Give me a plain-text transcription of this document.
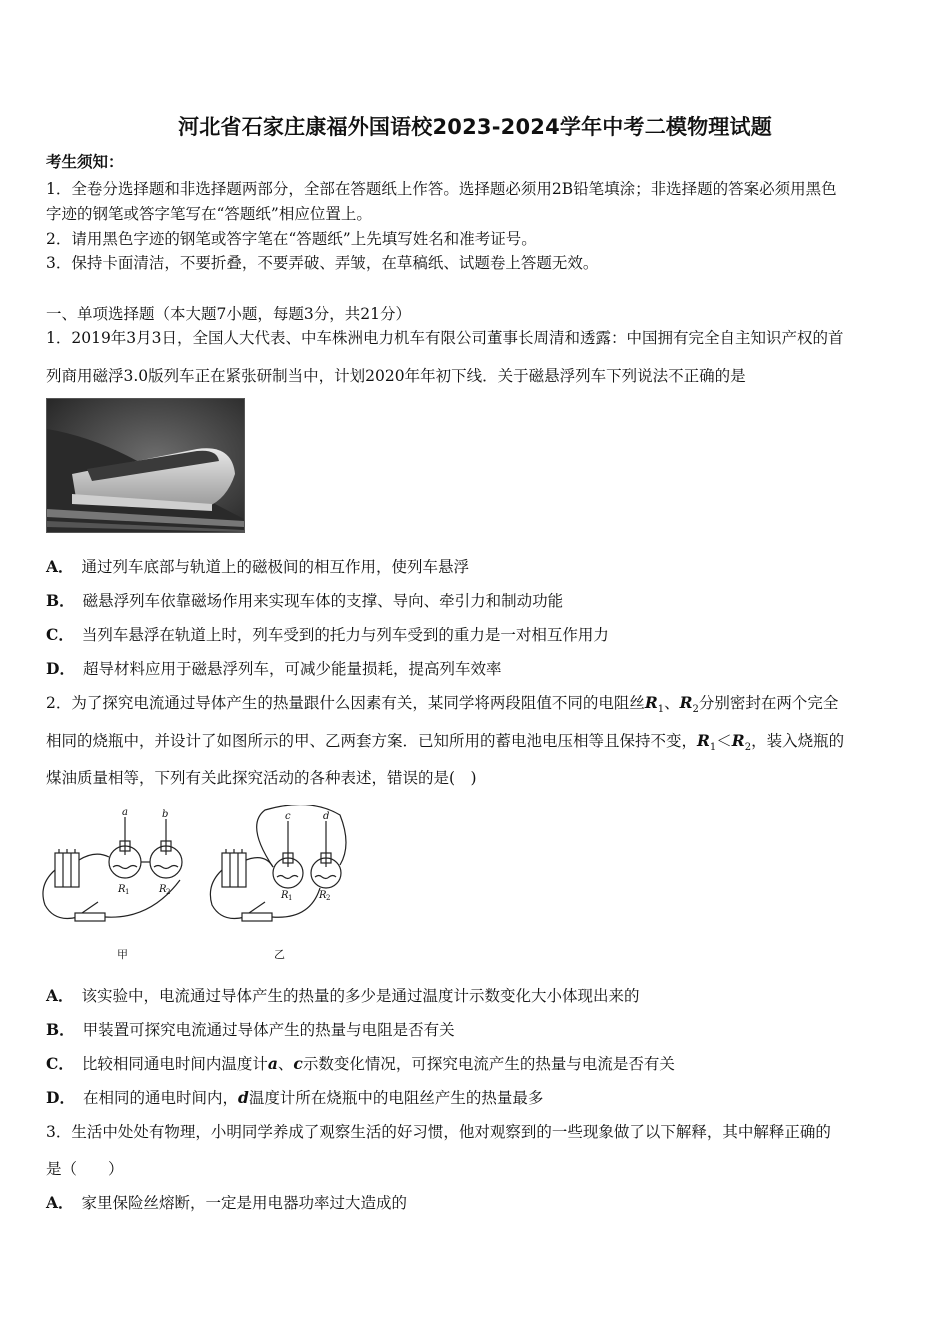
河北省石家庄康福外国语校2023-2024学年中考二模物理试题
考生须知：
1．全卷分选择题和非选择题两部分，全部在答题纸上作答。选择题必须用2B铅笔填涂；非选择题的答案必须用黑色
字迹的钢笔或答字笔写在“答题纸”相应位置上。
2．请用黑色字迹的钢笔或答字笔在“答题纸”上先填写姓名和准考证号。
3．保持卡面清洁，不要折叠，不要弄破、弄皱，在草稿纸、试题卷上答题无效。
一、单项选择题（本大题7小题，每题3分，共21分）
1．2019年3月3日，全国人大代表、中车株洲电力机车有限公司董事长周清和透露：中国拥有完全自主知识产权的首
列商用磁浮3.0版列车正在紧张研制当中，计划2020年年初下线．关于磁悬浮列车下列说法不正确的是
A． 通过列车底部与轨道上的磁极间的相互作用，使列车悬浮
B． 磁悬浮列车依靠磁场作用来实现车体的支撑、导向、牵引力和制动功能
C． 当列车悬浮在轨道上时，列车受到的托力与列车受到的重力是一对相互作用力
D． 超导材料应用于磁悬浮列车，可减少能量损耗，提高列车效率
2．为了探究电流通过导体产生的热量跟什么因素有关，某同学将两段阻值不同的电阻丝$R_1$、$R_2$分别密封在两个完全
相同的烧瓶中，并设计了如图所示的甲、乙两套方案．已知所用的蓄电池电压相等且保持不变，$R_1<R_2$，装入烧瓶的
煤油质量相等，下列有关此探究活动的各种表述，错误的是(　)
a	b	c	d
R	R
R	R
1	2
1	2
甲	乙
A． 该实验中，电流通过导体产生的热量的多少是通过温度计示数变化大小体现出来的
B． 甲装置可探究电流通过导体产生的热量与电阻是否有关
C． 比较相同通电时间内温度计a、c示数变化情况，可探究电流产生的热量与电流是否有关
D． 在相同的通电时间内，d温度计所在烧瓶中的电阻丝产生的热量最多
3．生活中处处有物理，小明同学养成了观察生活的好习惯，他对观察到的一些现象做了以下解释，其中解释正确的
是（　　）
A． 家里保险丝熔断，一定是用电器功率过大造成的
